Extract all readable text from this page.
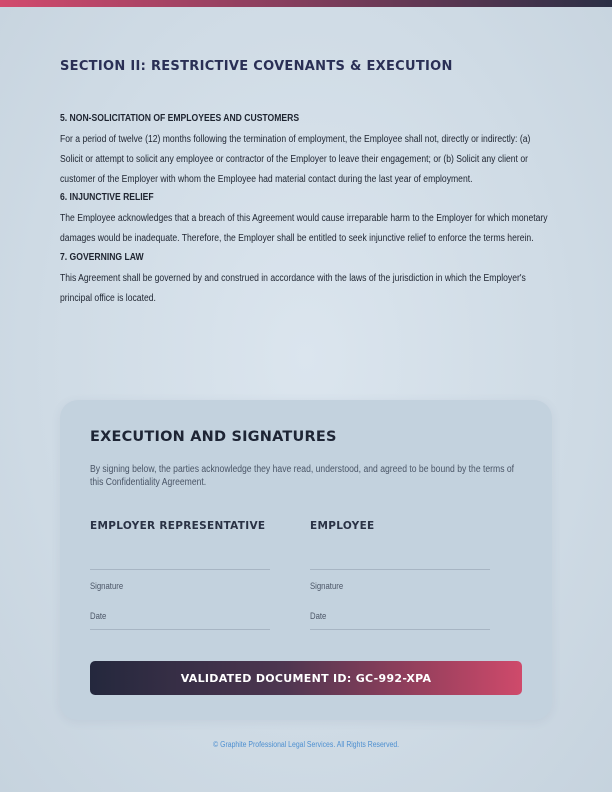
SECTION II: RESTRICTIVE COVENANTS & EXECUTION
5. NON-SOLICITATION OF EMPLOYEES AND CUSTOMERS

For a period of twelve (12) months following the termination of employment, the Employee shall not, directly or indirectly: (a) Solicit or attempt to solicit any employee or contractor of the Employer to leave their engagement; or (b) Solicit any client or customer of the Employer with whom the Employee had material contact during the last year of employment.

6. INJUNCTIVE RELIEF

The Employee acknowledges that a breach of this Agreement would cause irreparable harm to the Employer for which monetary damages would be inadequate. Therefore, the Employer shall be entitled to seek injunctive relief to enforce the terms herein.

7. GOVERNING LAW

This Agreement shall be governed by and construed in accordance with the laws of the jurisdiction in which the Employer's principal office is located.

EXECUTION AND SIGNATURES

By signing below, the parties acknowledge they have read, understood, and agreed to be bound by the terms of this Confidentiality Agreement.

EMPLOYER REPRESENTATIVE
Signature
Date
EMPLOYEE
Signature
Date
VALIDATED DOCUMENT ID: GC-992-XPA
© Graphite Professional Legal Services. All Rights Reserved.
